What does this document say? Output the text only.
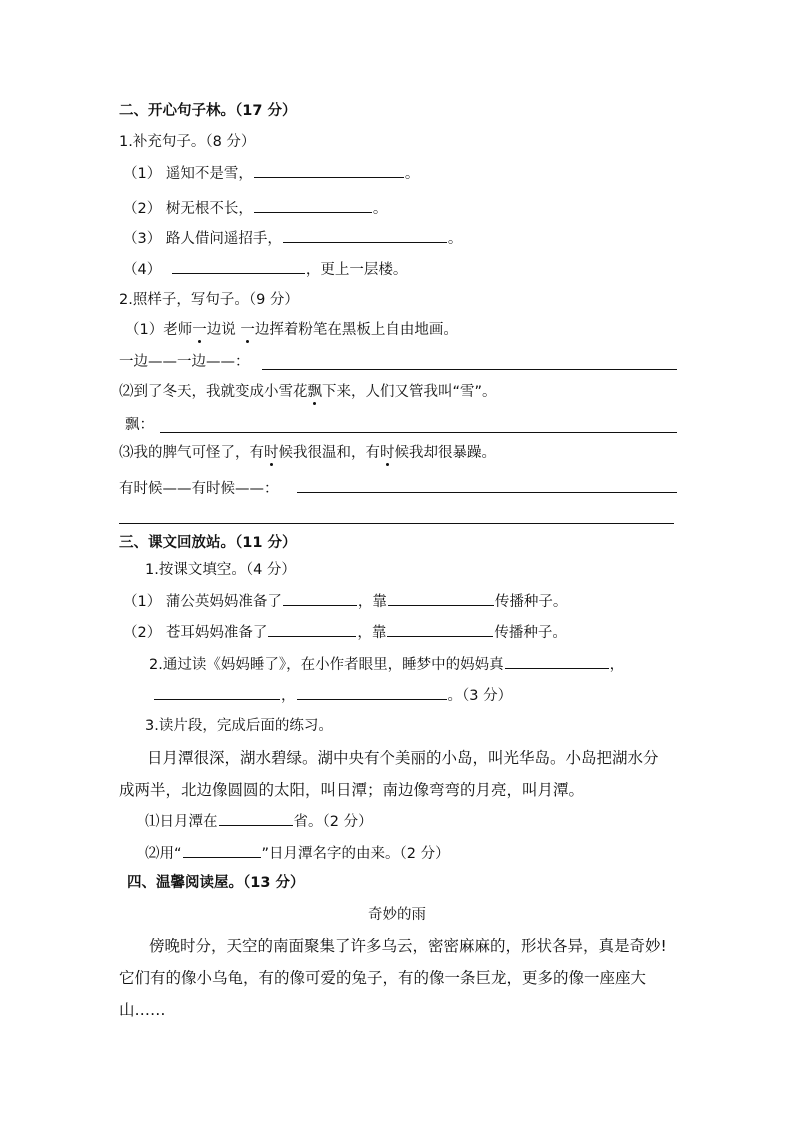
二、开心句子林。（17 分）
1.补充句子。（8 分）
（1） 遥知不是雪，	。
（2） 树无根不长，	。
（3） 路人借问遥招手，	。
（4）	，更上一层楼。
2.照样子，写句子。（9 分）
（1）老师一边说 一边挥着粉笔在黑板上自由地画。
一边——一边——：
⑵到了冬天，我就变成小雪花飘下来，人们又管我叫“雪”。
飘：
⑶我的脾气可怪了，有时候我很温和，有时候我却很暴躁。
有时候——有时候——：
三、课文回放站。（11 分）
1.按课文填空。（4 分）
（1） 蒲公英妈妈准备了	，靠	传播种子。
（2） 苍耳妈妈准备了	，靠	传播种子。
2.通过读《妈妈睡了》，在小作者眼里，睡梦中的妈妈真	，
，	。（3 分）
3.读片段，完成后面的练习。
日月潭很深，湖水碧绿。湖中央有个美丽的小岛，叫光华岛。小岛把湖水分
成两半，北边像圆圆的太阳，叫日潭；南边像弯弯的月亮，叫月潭。
⑴日月潭在	省。（2 分）
⑵用“	”日月潭名字的由来。（2 分）
四、温馨阅读屋。（13 分）
奇妙的雨
傍晚时分，天空的南面聚集了许多乌云，密密麻麻的，形状各异，真是奇妙!
它们有的像小乌龟，有的像可爱的兔子，有的像一条巨龙，更多的像一座座大
山……
